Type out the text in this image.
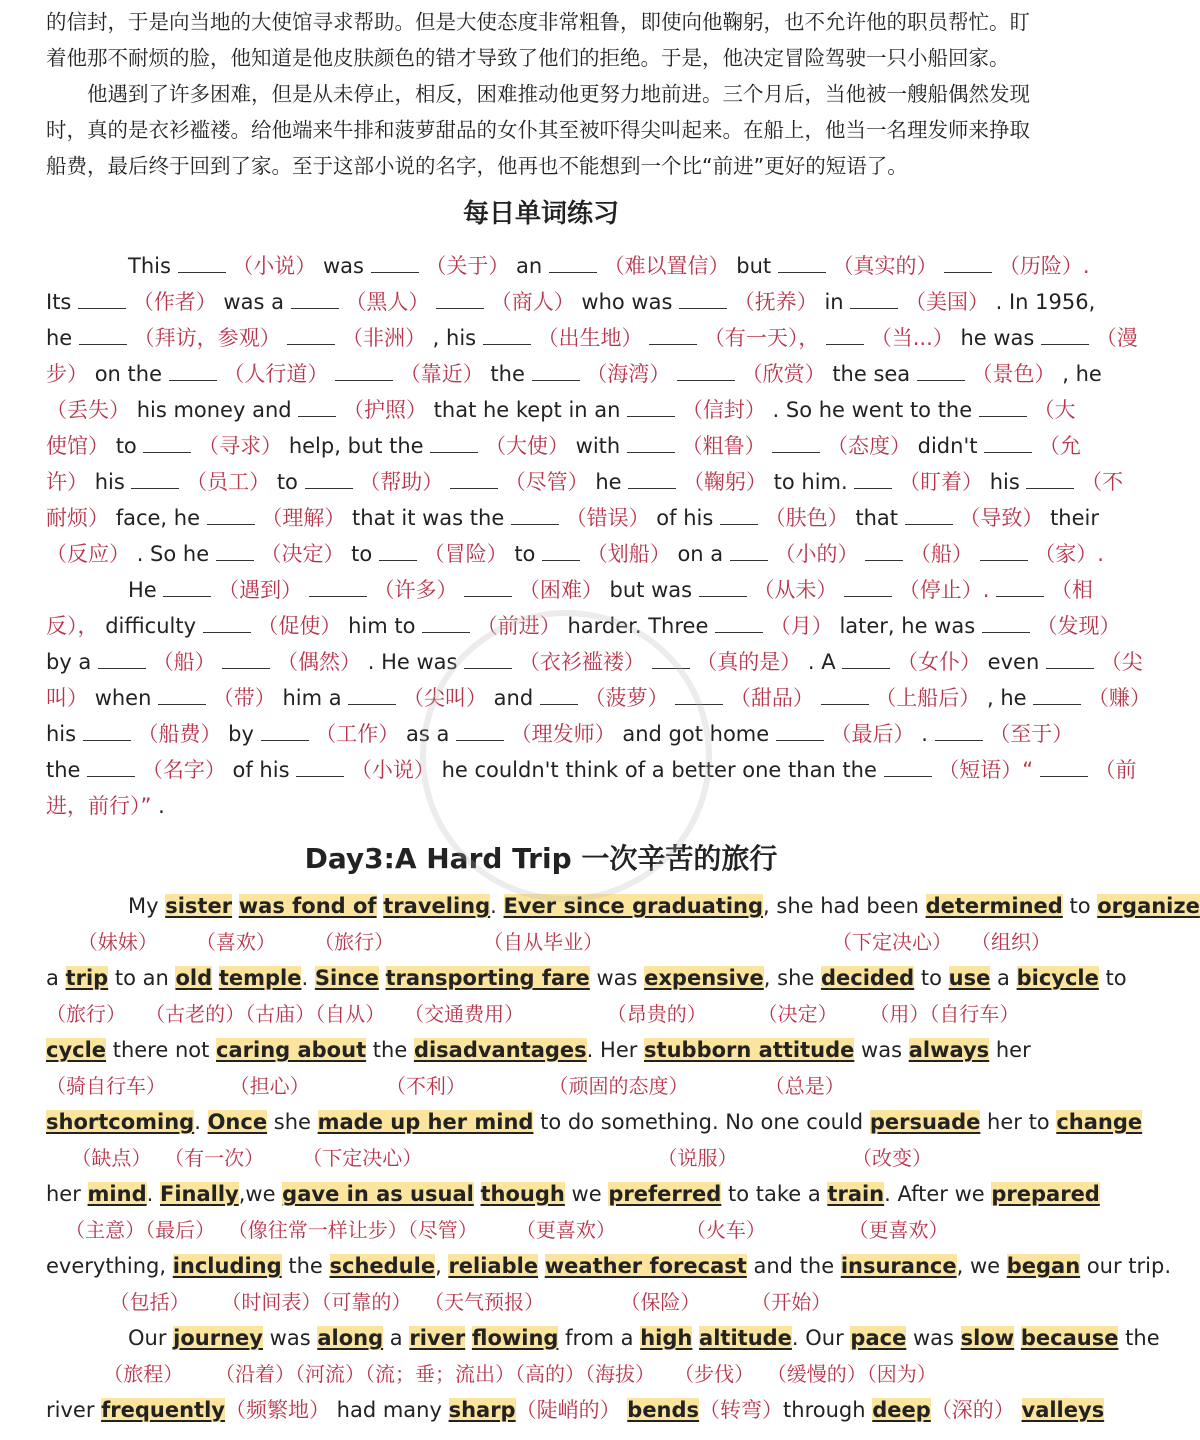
的信封，于是向当地的大使馆寻求帮助。但是大使态度非常粗鲁，即使向他鞠躬，也不允许他的职员帮忙。盯

着他那不耐烦的脸，他知道是他皮肤颜色的错才导致了他们的拒绝。于是，他决定冒险驾驶一只小船回家。

他遇到了许多困难，但是从未停止，相反，困难推动他更努力地前进。三个月后，当他被一艘船偶然发现

时，真的是衣衫褴褛。给他端来牛排和菠萝甜品的女仆其至被吓得尖叫起来。在船上，他当一名理发师来挣取

船费，最后终于回到了家。至于这部小说的名字，他再也不能想到一个比“前进”更好的短语了。

每日单词练习
This	（小说） was	（关于） an	（难以置信） but	（真实的）	（历险）.
Its	（作者） was a	（黑人）	（商人） who was	（抚养） in	（美国） . In 1956,
he	（拜访，参观）	（非洲） , his	（出生地）	（有一天）， （当...） he was	（漫
步） on the	（人行道）	（靠近） the	（海湾）	（欣赏） the sea	（景色） , he
（丢失） his money and  （护照） that he kept in an	（信封） . So he went to the	（大
使馆） to	（寻求） help, but the	（大使） with	（粗鲁）	（态度） didn't	（允
许） his	（员工） to	（帮助）	（尽管） he	（鞠躬） to him.  （盯着） his	（不
耐烦） face, he	（理解） that it was the	（错误） of his  （肤色） that	（导致） their
（反应） . So he  （决定） to  （冒险） to  （划船） on a  （小的） （船）	（家）.
He	（遇到）	（许多）	（困难） but was	（从未）	（停止）.	（相
反）， difficulty	（促使） him to	（前进） harder. Three	（月） later, he was	（发现）
by a	（船）	（偶然） . He was	（衣衫褴褛） （真的是） . A	（女仆） even	（尖
叫） when	（带） him a	（尖叫） and  （菠萝）	（甜品）	（上船后） , he	（赚）
his	（船费） by	（工作） as a	（理发师） and got home	（最后） .	（至于）
the	（名字） of his	（小说） he couldn't think of a better one than the	（短语）“	（前
进，前行）” .
Day3:A Hard Trip 一次辛苦的旅行
My sister was fond of traveling. Ever since graduating, she had been determined to organize
（妹妹）      （喜欢）      （旅行）              （自从毕业）                                    （下定决心）   （组织）
a trip to an old temple. Since transporting fare was expensive, she decided to use a bicycle to
（旅行）   （古老的）（古庙）（自从）   （交通费用）             （昂贵的）        （决定）     （用）（自行车）
cycle there not caring about the disadvantages. Her stubborn attitude was always her
（骑自行车）          （担心）            （不利）             （顽固的态度）            （总是）
shortcoming. Once she made up her mind to do something. No one could persuade her to change
（缺点）  （有一次）      （下定决心）                                     （说服）                  （改变）
her mind. Finally,we gave in as usual though we preferred to take a train. After we prepared
（主意）（最后）  （像往常一样让步）（尽管）      （更喜欢）           （火车）             （更喜欢）
everything, including the schedule, reliable weather forecast and the insurance, we began our trip.
（包括）     （时间表）（可靠的）  （天气预报）            （保险）        （开始）
Our journey was along a river flowing from a high altitude. Our pace was slow because the
（旅程）     （沿着）（河流）（流；垂；流出）（高的）（海拔）   （步伐）  （缓慢的）（因为）
river frequently（频繁地） had many sharp（陡峭的） bends（转弯）through deep（深的） valleys
